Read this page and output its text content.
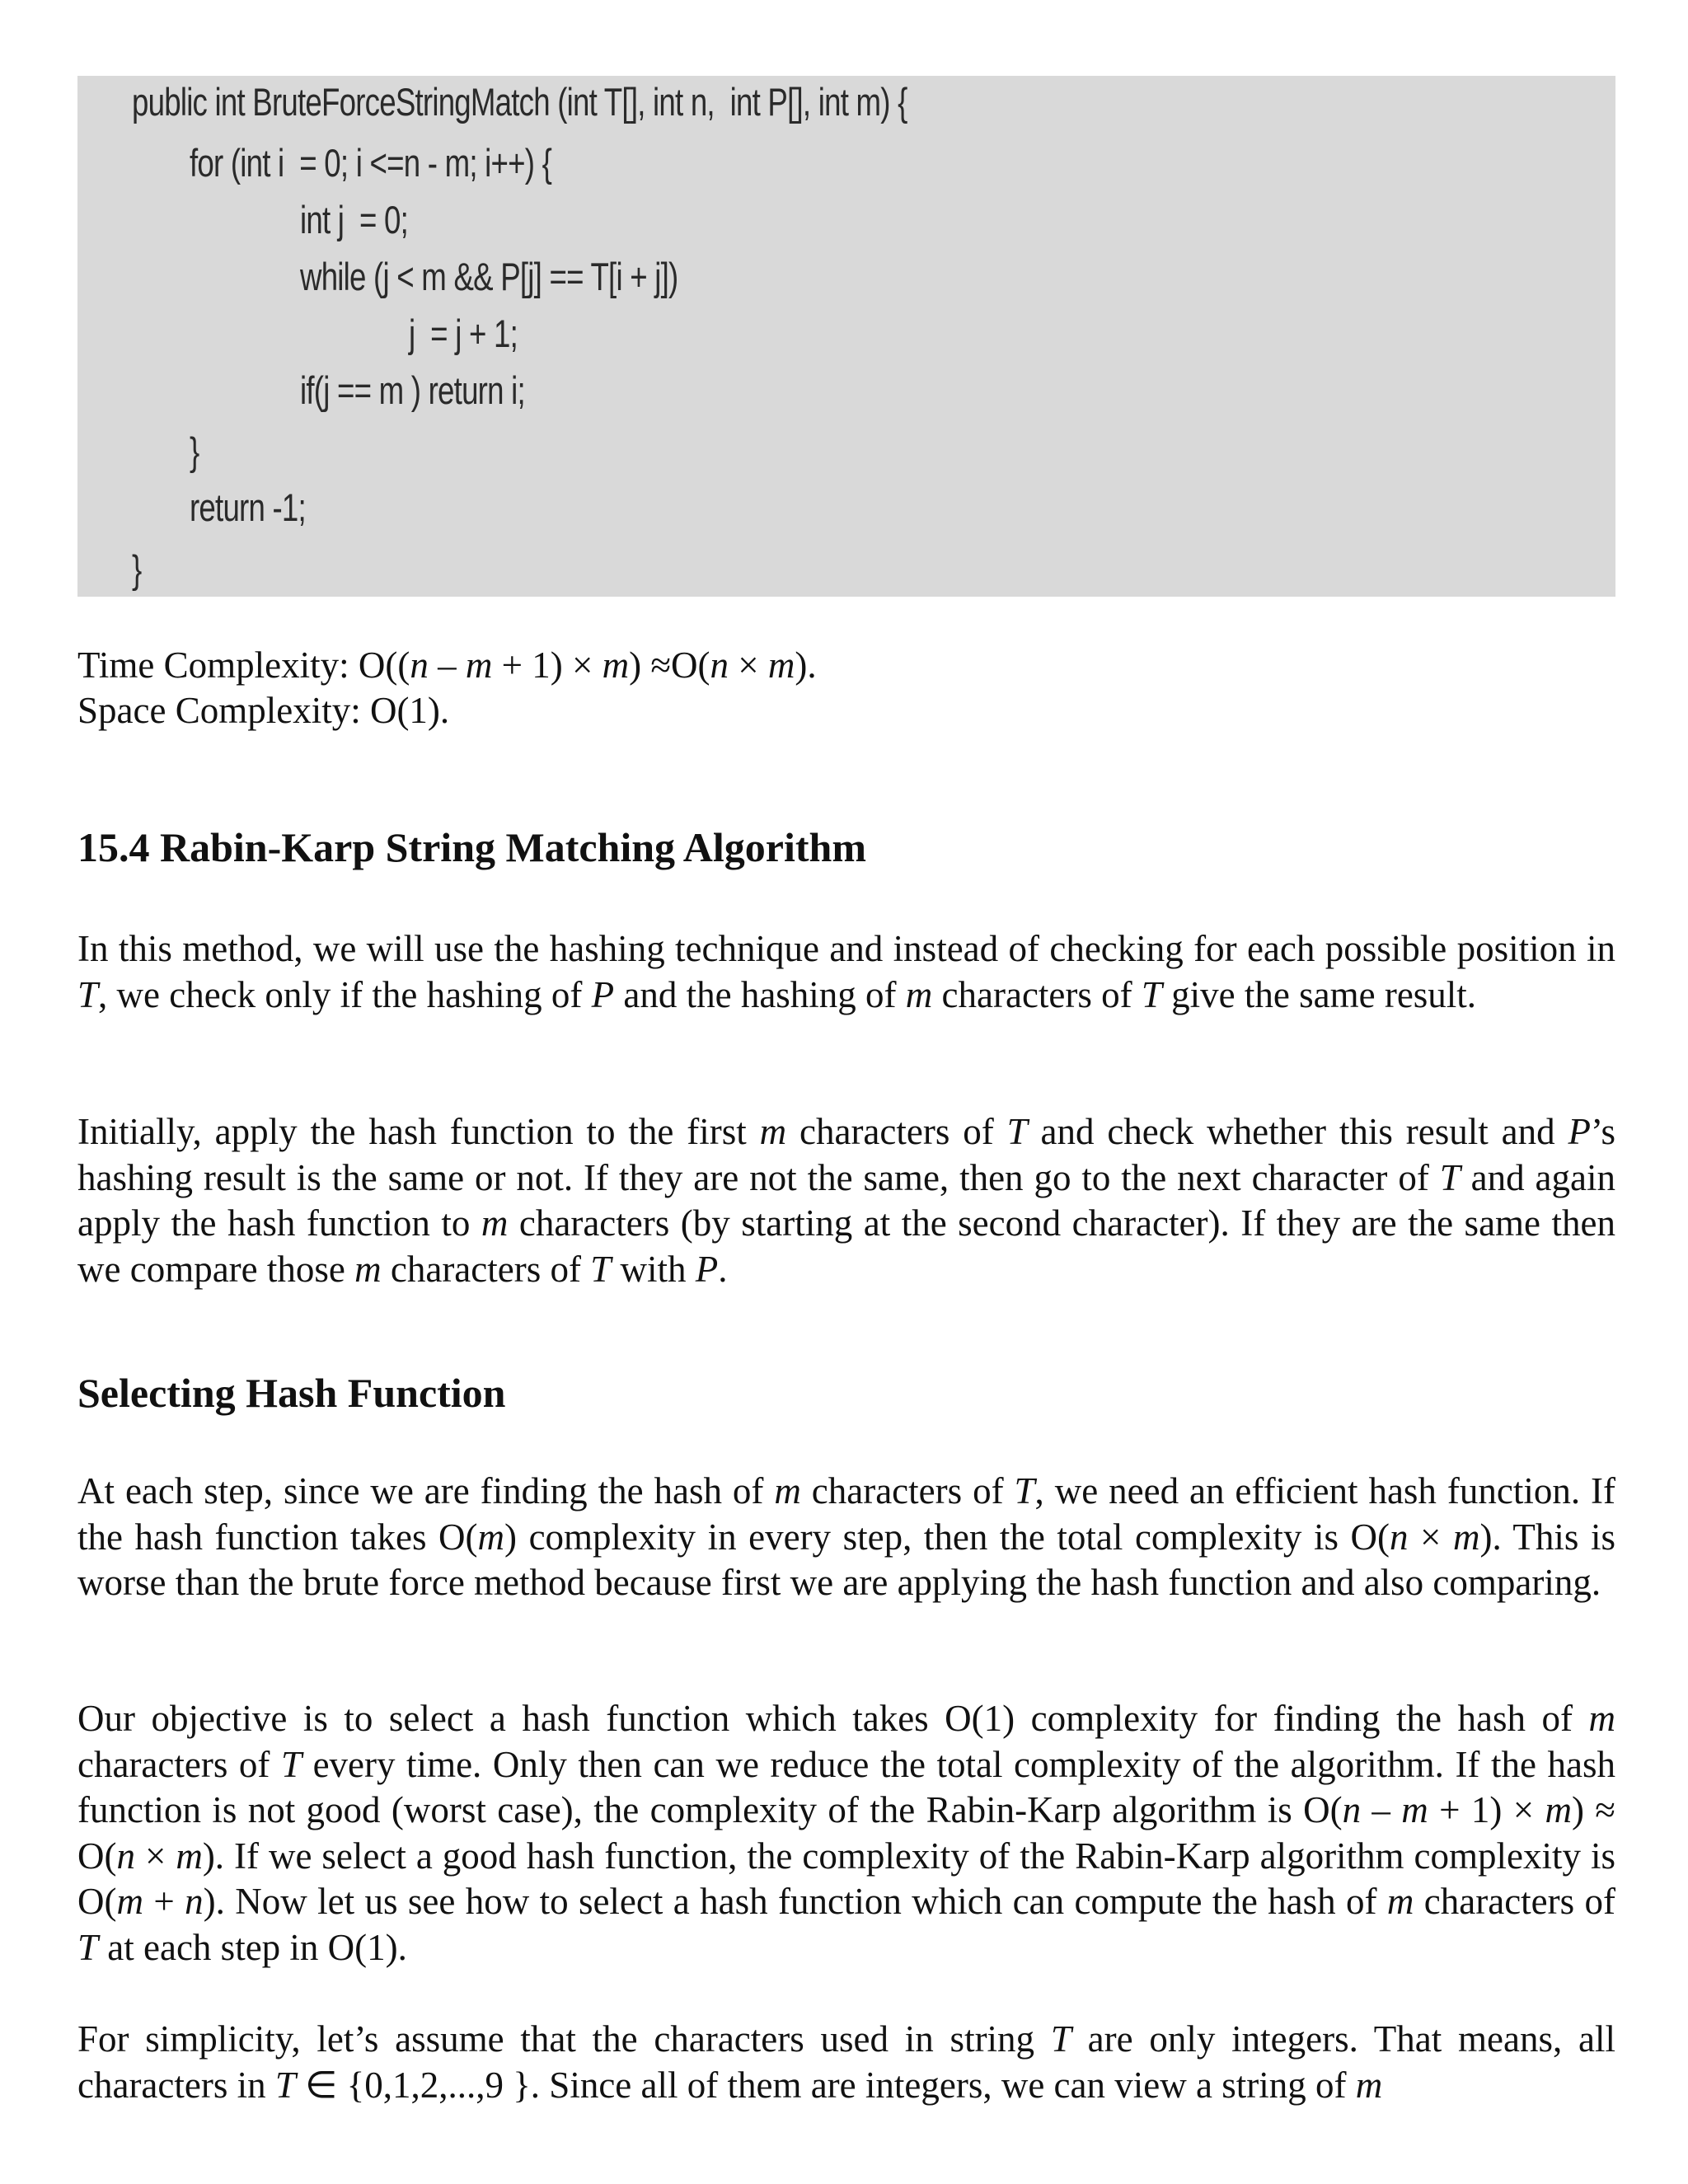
public int BruteForceStringMatch (int T[], int n,  int P[], int m) {
for (int i  = 0; i <=n - m; i++) {
int j  = 0;
while (j < m && P[j] == T[i + j])
j  = j + 1;
if(j == m ) return i;
}
return -1;
}

Time Complexity: O((n – m + 1) × m) ≈O(n × m).

Space Complexity: O(1).

15.4 Rabin-Karp String Matching Algorithm

In this method, we will use the hashing technique and instead of checking for each possible position in T, we check only if the hashing of P and the hashing of m characters of T give the same result.

Initially, apply the hash function to the first m characters of T and check whether this result and P’s hashing result is the same or not. If they are not the same, then go to the next character of T and again apply the hash function to m characters (by starting at the second character). If they are the same then we compare those m characters of T with P.

Selecting Hash Function

At each step, since we are finding the hash of m characters of T, we need an efficient hash function. If the hash function takes O(m) complexity in every step, then the total complexity is O(n × m). This is worse than the brute force method because first we are applying the hash function and also comparing.

Our objective is to select a hash function which takes O(1) complexity for finding the hash of m characters of T every time. Only then can we reduce the total complexity of the algorithm. If the hash function is not good (worst case), the complexity of the Rabin-Karp algorithm is O(n – m + 1) × m) ≈ O(n × m). If we select a good hash function, the complexity of the Rabin-Karp algorithm complexity is O(m + n). Now let us see how to select a hash function which can compute the hash of m characters of T at each step in O(1).

For simplicity, let’s assume that the characters used in string T are only integers. That means, all characters in T ∈ {0,1,2,...,9 }. Since all of them are integers, we can view a string of m
